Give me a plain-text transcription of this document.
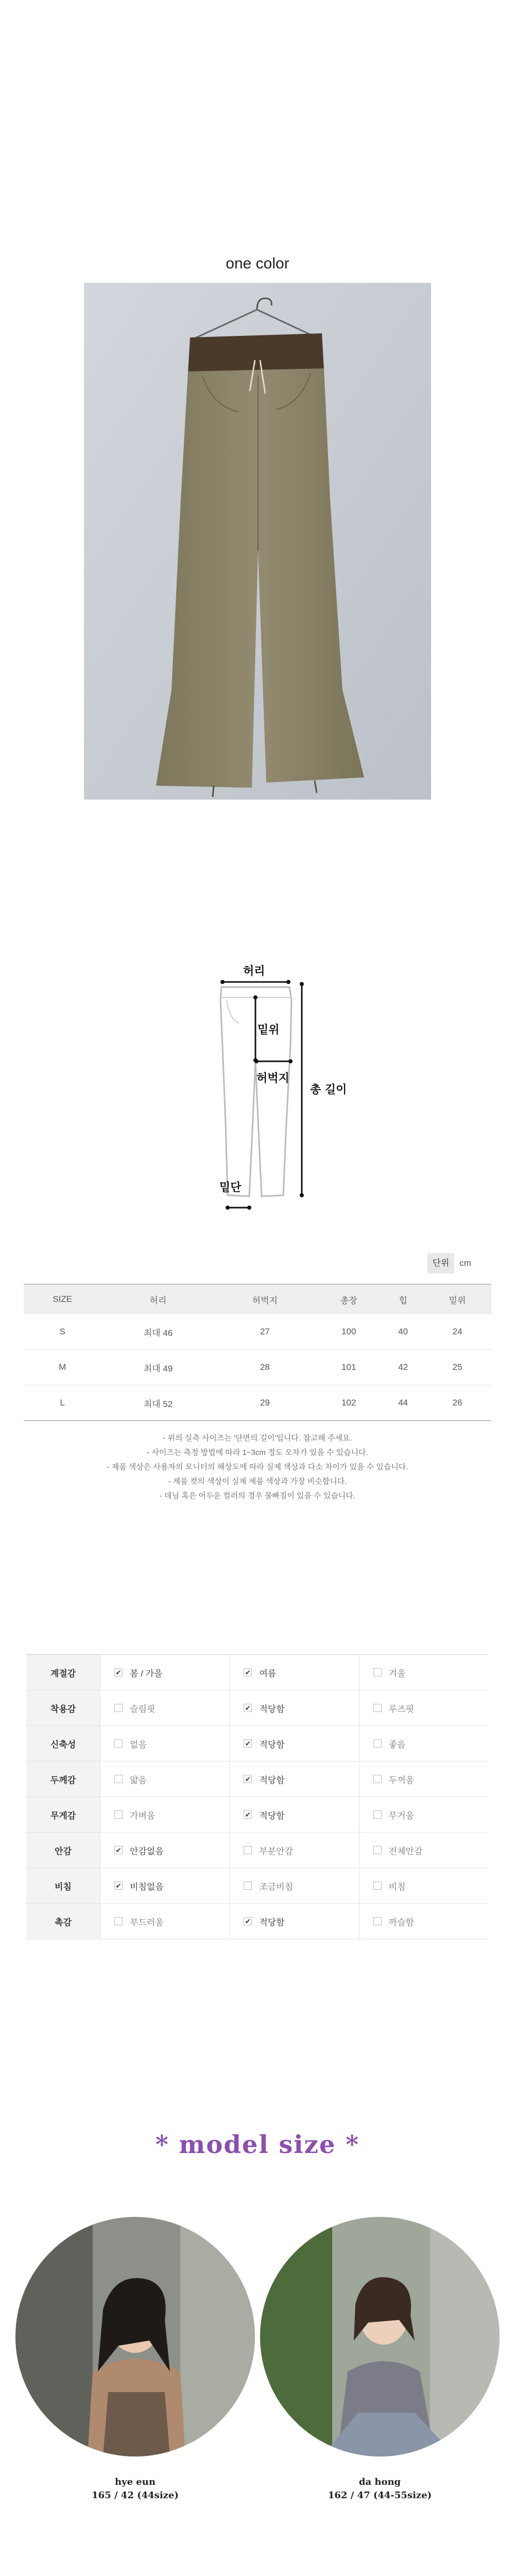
one color
허리
밑위
허벅지
밑단
총 길이
단위	cm
SIZE	허리	허벅지	총장	힙	밑위
S	최대 46	27	100	40	24
M	최대 49	28	101	42	25
L	최대 52	29	102	44	26
- 위의 실측 사이즈는 '단면의 길이'입니다. 참고해 주세요.
- 사이즈는 측정 방법에 따라 1~3cm 정도 오차가 있을 수 있습니다.
- 제품 색상은 사용자의 모니터의 해상도에 따라 실제 색상과 다소 차이가 있을 수 있습니다.
- 제품 컷의 색상이 실제 제품 색상과 가장 비슷합니다.
- 데님 혹은 어두운 컬러의 경우 물빠짐이 있을 수 있습니다.
계절감	✔ 봄 / 가을	✔ 여름	겨울

착용감	슬림핏	✔ 적당함	루즈핏

신축성	없음	✔ 적당함	좋음

두께감	얇음	✔ 적당함	두꺼움

무게감	가벼움	✔ 적당함	무거움

안감	✔ 안감없음	부분안감	전체안감

비침	✔ 비침없음	조금비침	비침

촉감	부드러움	✔ 적당함	까슬함
* model size *
hye eun
165 / 42 (44size)
da hong
162 / 47 (44-55size)
